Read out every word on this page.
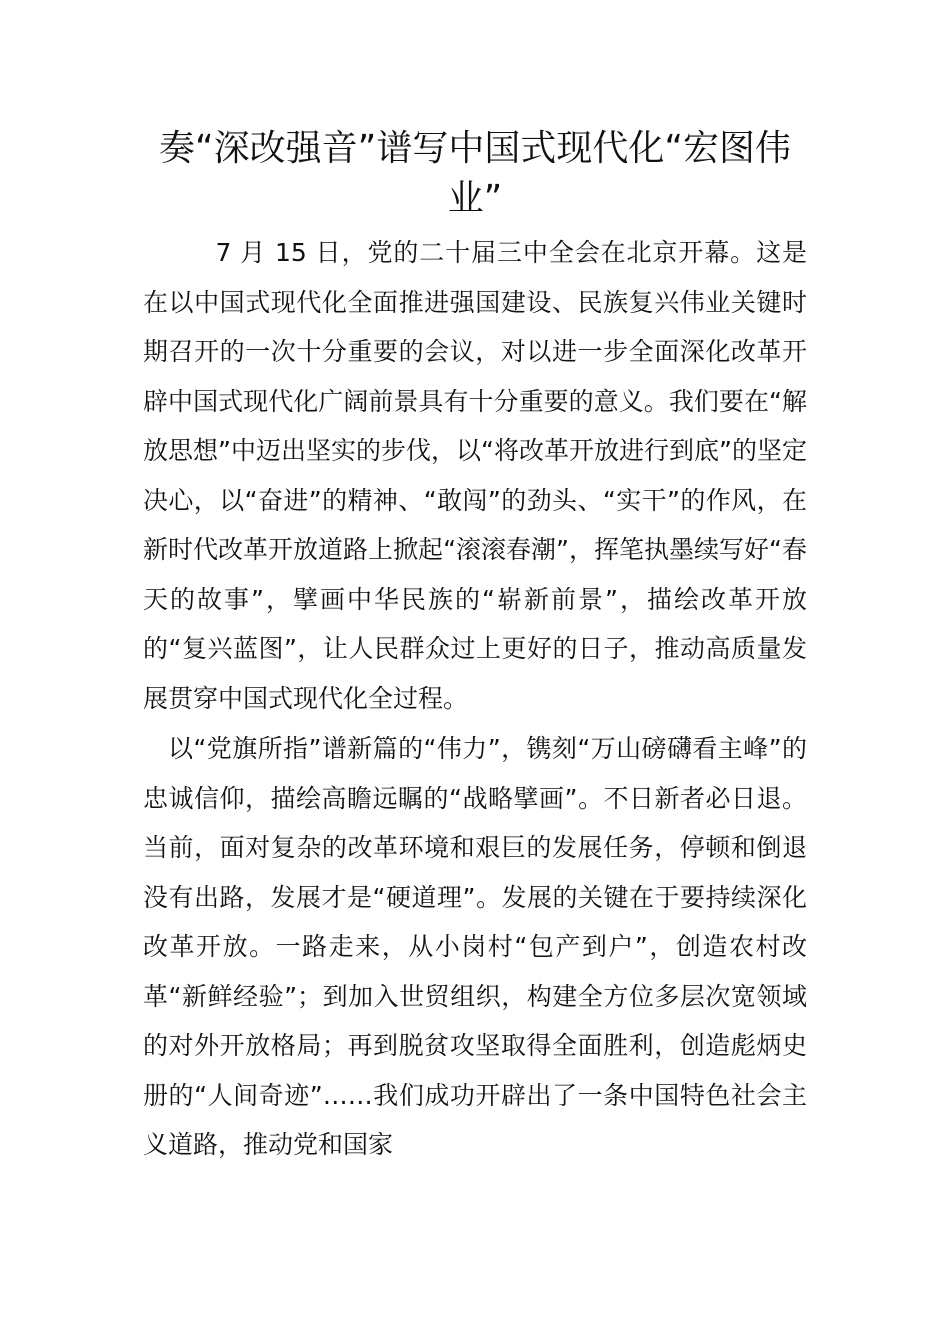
奏“深改强音”谱写中国式现代化“宏图伟业”

7 月 15 日，党的二十届三中全会在北京开幕。这是在以中国式现代化全面推进强国建设、民族复兴伟业关键时期召开的一次十分重要的会议，对以进一步全面深化改革开辟中国式现代化广阔前景具有十分重要的意义。我们要在“解放思想”中迈出坚实的步伐，以“将改革开放进行到底”的坚定决心，以“奋进”的精神、“敢闯”的劲头、“实干”的作风，在新时代改革开放道路上掀起“滚滚春潮”，挥笔执墨续写好“春天的故事”，擘画中华民族的“崭新前景”，描绘改革开放的“复兴蓝图”，让人民群众过上更好的日子，推动高质量发展贯穿中国式现代化全过程。

以“党旗所指”谱新篇的“伟力”，镌刻“万山磅礴看主峰”的忠诚信仰，描绘高瞻远瞩的“战略擘画”。不日新者必日退。当前，面对复杂的改革环境和艰巨的发展任务，停顿和倒退没有出路，发展才是“硬道理”。发展的关键在于要持续深化改革开放。一路走来，从小岗村“包产到户”，创造农村改革“新鲜经验”；到加入世贸组织，构建全方位多层次宽领域的对外开放格局；再到脱贫攻坚取得全面胜利，创造彪炳史册的“人间奇迹”……我们成功开辟出了一条中国特色社会主义道路，推动党和国家
